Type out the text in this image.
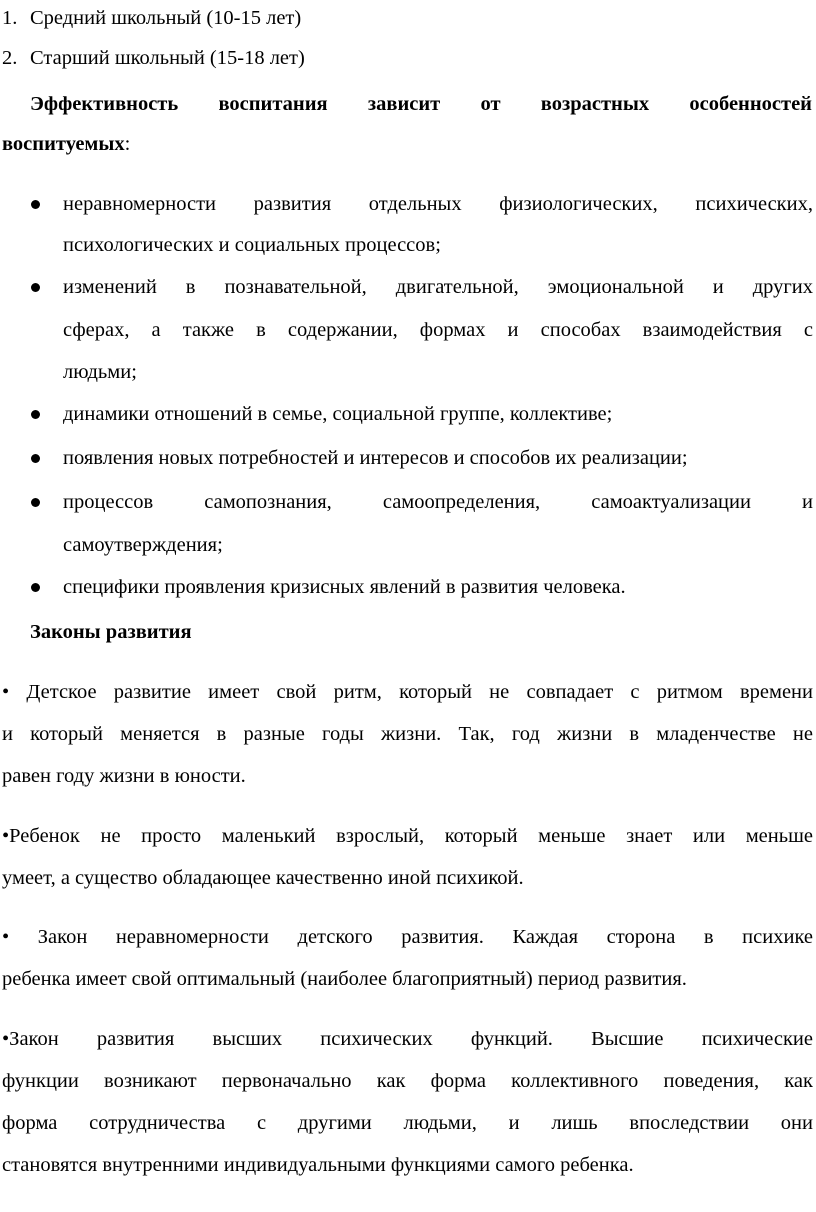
1. Средний школьный (10-15 лет)
2. Старший школьный (15-18 лет)
Эффективность воспитания зависит от возрастных особенностей
воспитуемых:
неравномерности развития отдельных физиологических, психических,
психологических и социальных процессов;
изменений в познавательной, двигательной, эмоциональной и других
сферах, а также в содержании, формах и способах взаимодействия с
людьми;
динамики отношений в семье, социальной группе, коллективе;
появления новых потребностей и интересов и способов их реализации;
процессов самопознания, самоопределения, самоактуализации и
самоутверждения;
специфики проявления кризисных явлений в развития человека.
Законы развития
• Детское развитие имеет свой ритм, который не совпадает с ритмом времени
и который меняется в разные годы жизни. Так, год жизни в младенчестве не
равен году жизни в юности.
•Ребенок не просто маленький взрослый, который меньше знает или меньше
умеет, а существо обладающее качественно иной психикой.
• Закон неравномерности детского развития. Каждая сторона в психике
ребенка имеет свой оптимальный (наиболее благоприятный) период развития.
•Закон развития высших психических функций. Высшие психические
функции возникают первоначально как форма коллективного поведения, как
форма сотрудничества с другими людьми, и лишь впоследствии они
становятся внутренними индивидуальными функциями самого ребенка.
